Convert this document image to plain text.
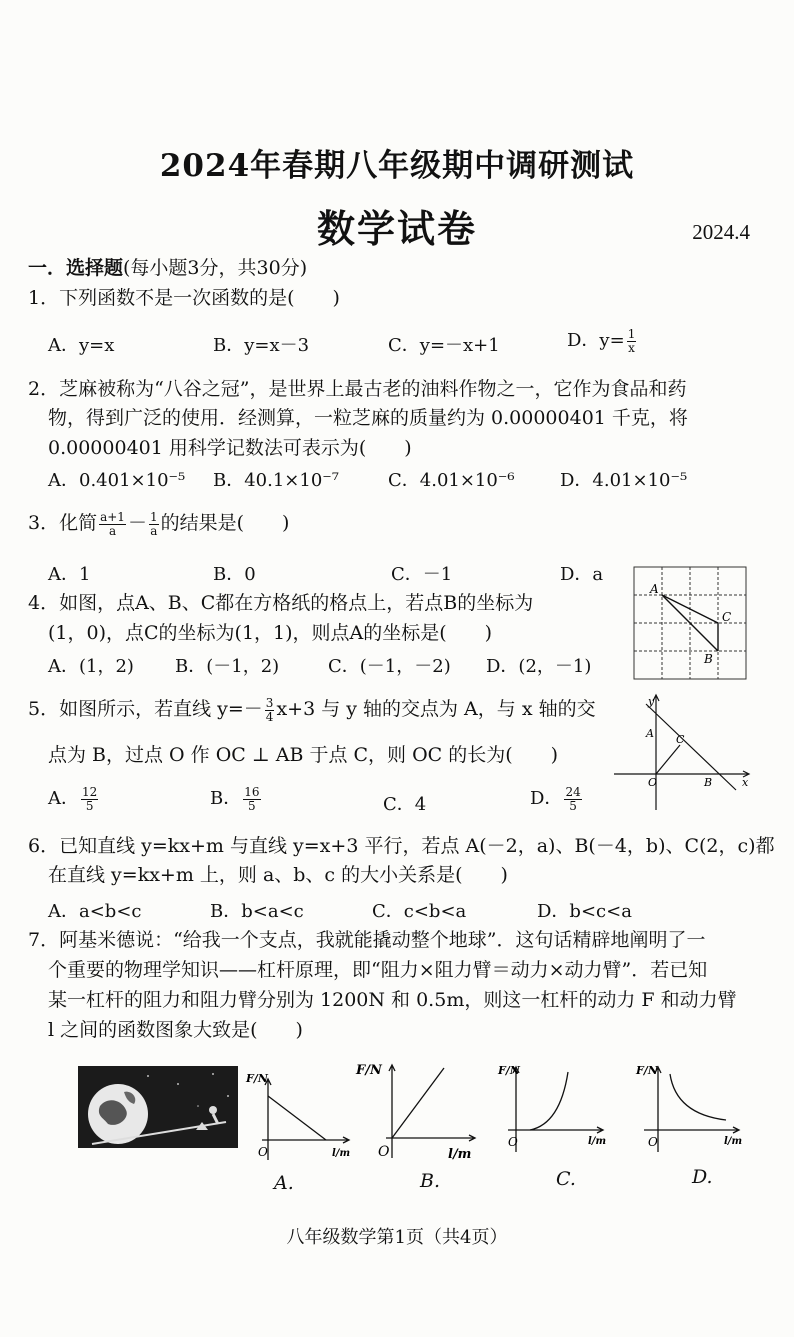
2024年春期八年级期中调研测试
数学试卷	2024.4
一．选择题(每小题3分，共30分)
1．下列函数不是一次函数的是(　　)
A．y=x	B．y=x－3	C．y=－x+1	D．$y= \frac{1}{x}$
2．芝麻被称为“八谷之冠”，是世界上最古老的油料作物之一，它作为食品和药
物，得到广泛的使用．经测算，一粒芝麻的质量约为 0.00000401 千克，将
0.00000401 用科学记数法可表示为(　　)
A．0.401×10⁻⁵ B．40.1×10⁻⁷	C．4.01×10⁻⁶	D．4.01×10⁻⁵
3．化简 $\frac{a+1}{a} - \frac{1}{a}$ 的结果是(　　)
A．1	B．0	C．－1	D．a
4．如图，点A、B、C都在方格纸的格点上，若点B的坐标为
(1，0)，点C的坐标为(1，1)，则点A的坐标是(　　)
A．(1，2) B．(－1，2)	C．(－1，－2) D．(2，－1)
A
C
B
5．如图所示，若直线 $y=- \frac{3}{4} x+3$ 与 y 轴的交点为 A，与 x 轴的交
点为 B，过点 O 作 OC ⊥ AB 于点 C，则 OC 的长为(　　)
A． $\frac{12}{5}$	B． $\frac{16}{5}$	C．4	D． $\frac{24}{5}$
y
A C
O	B	x
6．已知直线 y=kx+m 与直线 y=x+3 平行，若点 A(－2，a)、B(－4，b)、C(2，c)都
在直线 y=kx+m 上，则 a、b、c 的大小关系是(　　)
A．a<b<c	B．b<a<c	C．c<b<a	D．b<c<a
7．阿基米德说：“给我一个支点，我就能撬动整个地球”．这句话精辟地阐明了一
个重要的物理学知识——杠杆原理，即“阻力×阻力臂＝动力×动力臂”．若已知
某一杠杆的阻力和阻力臂分别为 1200N 和 0.5m，则这一杠杆的动力 F 和动力臂
l 之间的函数图象大致是(　　)
F/N
O	l/m
F/N
O	l/m
F/N
O	l/m
F/N
O	l/m
A.	B.	C.	D.
八年级数学第1页（共4页）
